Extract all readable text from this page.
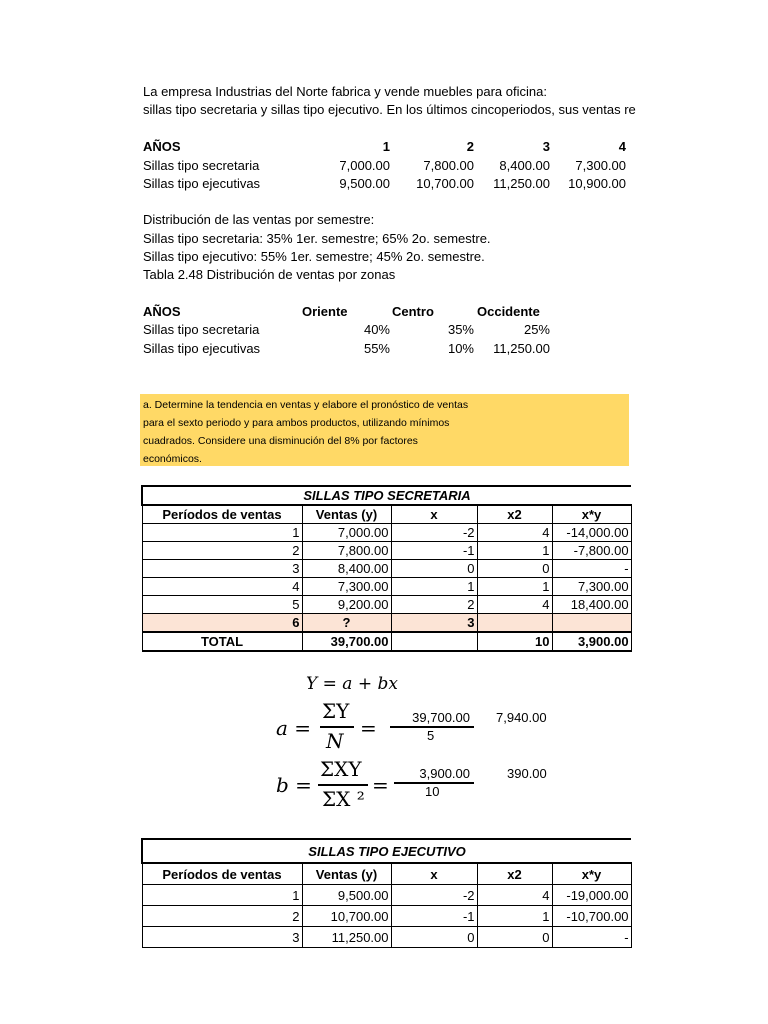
La empresa Industrias del Norte fabrica y vende muebles para oficina:
sillas tipo secretaria y sillas tipo ejecutivo. En los últimos cincoperiodos, sus ventas re
AÑOS	1	2	3	4
Sillas tipo secretaria	7,000.00	7,800.00	8,400.00	7,300.00
Sillas tipo ejecutivas	9,500.00	10,700.00	11,250.00	10,900.00
Distribución de las ventas por semestre:
Sillas tipo secretaria: 35% 1er. semestre; 65% 2o. semestre.
Sillas tipo ejecutivo: 55% 1er. semestre; 45% 2o. semestre.
Tabla 2.48 Distribución de ventas por zonas
AÑOS	Oriente	Centro	Occidente
Sillas tipo secretaria	40%	35%	25%
Sillas tipo ejecutivas	55%	10%	11,250.00
a. Determine la tendencia en ventas y elabore el pronóstico de ventas
para el sexto periodo y para ambos productos, utilizando mínimos
cuadrados. Considere una disminución del 8% por factores
económicos.
SILLAS TIPO SECRETARIA				
Períodos de ventas	Ventas (y)	x	x2	x*y
1	7,000.00	-2	4	-14,000.00
2	7,800.00	-1	1	-7,800.00
3	8,400.00	0	0	-
4	7,300.00	1	1	7,300.00
5	9,200.00	2	4	18,400.00
6	?	3		
TOTAL	39,700.00		10	3,900.00
Y = a + bx
a =
ΣY
N
=	39,700.00
5
7,940.00
b =
ΣXY
ΣX ²
=	3,900.00
10
390.00
SILLAS TIPO EJECUTIVO				
Períodos de ventas	Ventas (y)	x	x2	x*y
1	9,500.00	-2	4	-19,000.00
2	10,700.00	-1	1	-10,700.00
3	11,250.00	0	0	-
